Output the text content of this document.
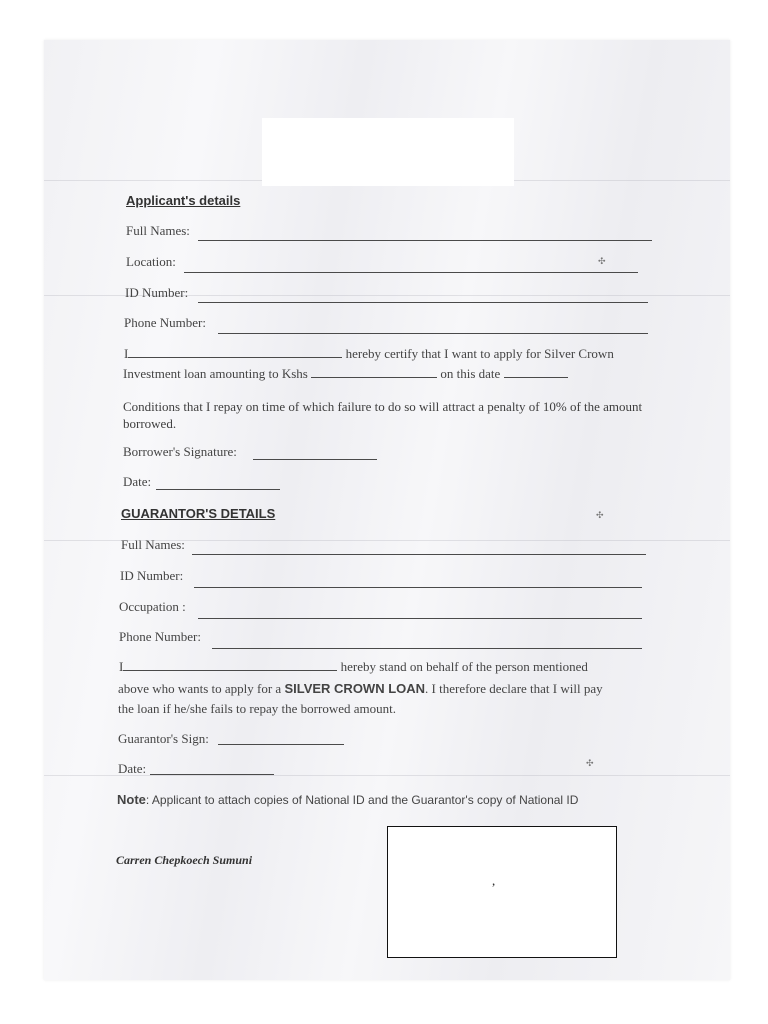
Applicant's details
Full Names:
Location:
ID Number:
Phone Number:
I	hereby certify that I want to apply for Silver Crown
Investment loan amounting to Kshs	on this date
Conditions that I repay on time of which failure to do so will attract a penalty of 10% of the amount borrowed.
Borrower's Signature:
Date:
GUARANTOR'S DETAILS
Full Names:
ID Number:
Occupation :
Phone Number:
I	hereby stand on behalf of the person mentioned
above who wants to apply for a SILVER CROWN LOAN. I therefore declare that I will pay
the loan if he/she fails to repay the borrowed amount.
Guarantor's Sign:
Date:
Note: Applicant to attach copies of National ID and the Guarantor's copy of National ID
Carren Chepkoech Sumuni
,
✣
✣
✣
